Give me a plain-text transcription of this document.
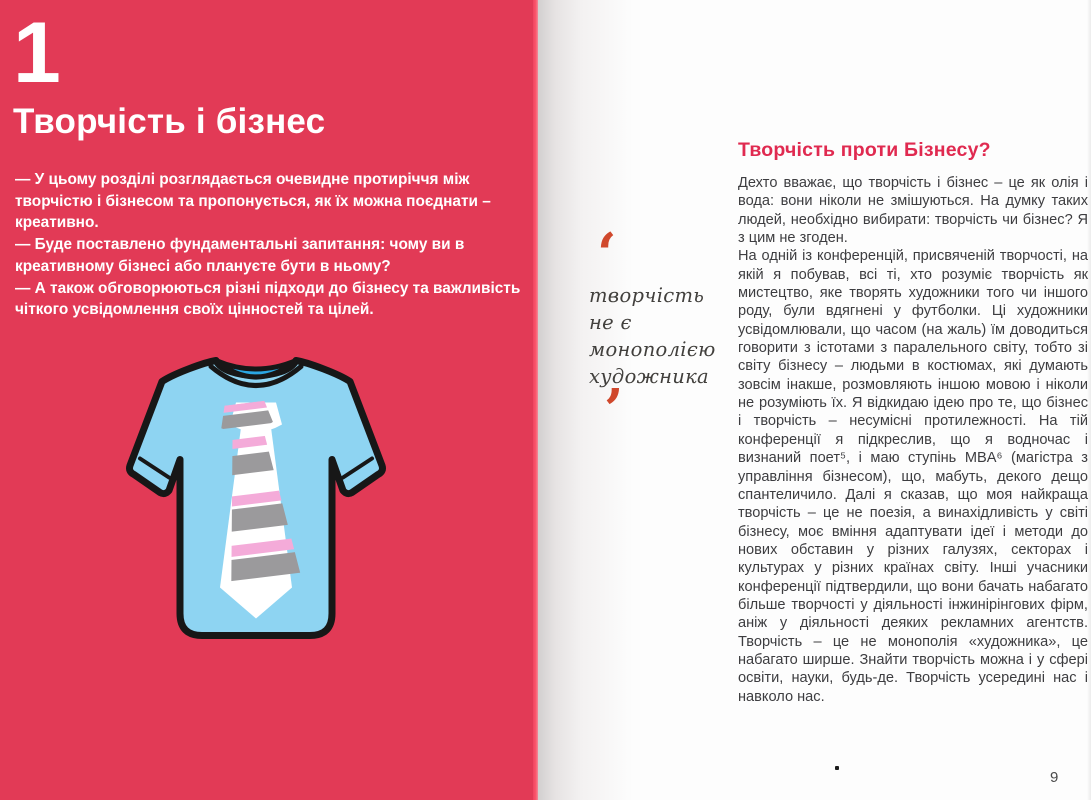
1
Творчість і бізнес

— У цьому розділі розглядається очевидне протиріччя між творчістю і бізнесом та пропонується, як їх можна поєднати – креативно.

— Буде поставлено фундаментальні запитання: чому ви в креативному бізнесі або плануєте бути в ньому?

— А також обговорюються різні підходи до бізнесу та важливість чіткого усвідомлення своїх цінностей та цілей.

‘
творчість
не є
монополією
художника
’
Творчість проти Бізнесу?

Дехто вважає, що творчість і бізнес – це як олія і вода: вони ніколи не змішуються. На думку таких людей, необхідно вибирати: творчість чи бізнес? Я з цим не згоден.

На одній із конференцій, присвяченій творчості, на якій я побував, всі ті, хто розуміє творчість як мистецтво, яке творять художники того чи іншого роду, були вдягнені у футболки. Ці художники усвідомлювали, що часом (на жаль) їм доводиться говорити з істотами з паралельного світу, тобто зі світу бізнесу – людьми в костюмах, які думають зовсім інакше, розмовляють іншою мовою і ніколи не розуміють їх. Я відкидаю ідею про те, що бізнес і творчість – несумісні протилежності. На тій конференції я підкреслив, що я водночас і визнаний поет⁵, і маю ступінь MBA⁶ (магістра з управління бізнесом), що, мабуть, декого дещо спантеличило. Далі я сказав, що моя найкраща творчість – це не поезія, а винахідливість у світі бізнесу, моє вміння адаптувати ідеї і методи до нових обставин у різних галузях, секторах і культурах у різних країнах світу. Інші учасники конференції підтвердили, що вони бачать набагато більше творчості у діяльності інжинірінгових фірм, аніж у діяльності деяких рекламних агентств. Творчість – це не монополія «художника», це набагато ширше. Знайти творчість можна і у сфері освіти, науки, будь-де. Творчість усередині нас і навколо нас.

9
